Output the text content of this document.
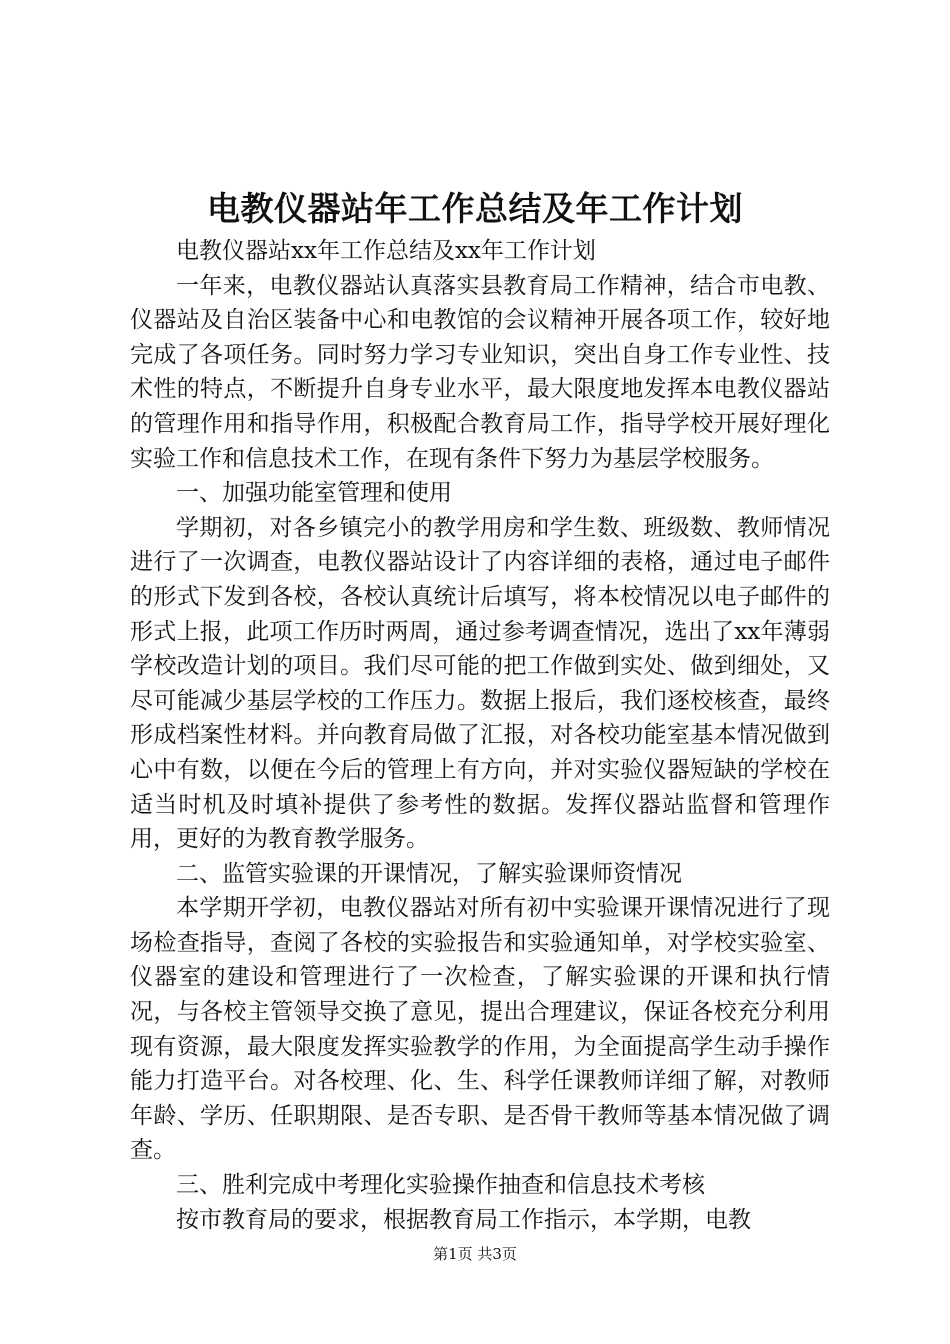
电教仪器站年工作总结及年工作计划

电教仪器站xx年工作总结及xx年工作计划

一年来，电教仪器站认真落实县教育局工作精神，结合市电教、仪器站及自治区装备中心和电教馆的会议精神开展各项工作，较好地完成了各项任务。同时努力学习专业知识，突出自身工作专业性、技术性的特点，不断提升自身专业水平，最大限度地发挥本电教仪器站的管理作用和指导作用，积极配合教育局工作，指导学校开展好理化实验工作和信息技术工作，在现有条件下努力为基层学校服务。

一、加强功能室管理和使用

学期初，对各乡镇完小的教学用房和学生数、班级数、教师情况进行了一次调查，电教仪器站设计了内容详细的表格，通过电子邮件的形式下发到各校，各校认真统计后填写，将本校情况以电子邮件的形式上报，此项工作历时两周，通过参考调查情况，选出了xx年薄弱学校改造计划的项目。我们尽可能的把工作做到实处、做到细处，又尽可能减少基层学校的工作压力。数据上报后，我们逐校核查，最终形成档案性材料。并向教育局做了汇报，对各校功能室基本情况做到心中有数，以便在今后的管理上有方向，并对实验仪器短缺的学校在适当时机及时填补提供了参考性的数据。发挥仪器站监督和管理作用，更好的为教育教学服务。

二、监管实验课的开课情况，了解实验课师资情况

本学期开学初，电教仪器站对所有初中实验课开课情况进行了现场检查指导，查阅了各校的实验报告和实验通知单，对学校实验室、仪器室的建设和管理进行了一次检查，了解实验课的开课和执行情况，与各校主管领导交换了意见，提出合理建议，保证各校充分利用现有资源，最大限度发挥实验教学的作用，为全面提高学生动手操作能力打造平台。对各校理、化、生、科学任课教师详细了解，对教师年龄、学历、任职期限、是否专职、是否骨干教师等基本情况做了调查。

三、胜利完成中考理化实验操作抽查和信息技术考核

按市教育局的要求，根据教育局工作指示，本学期，电教

第1页 共3页
